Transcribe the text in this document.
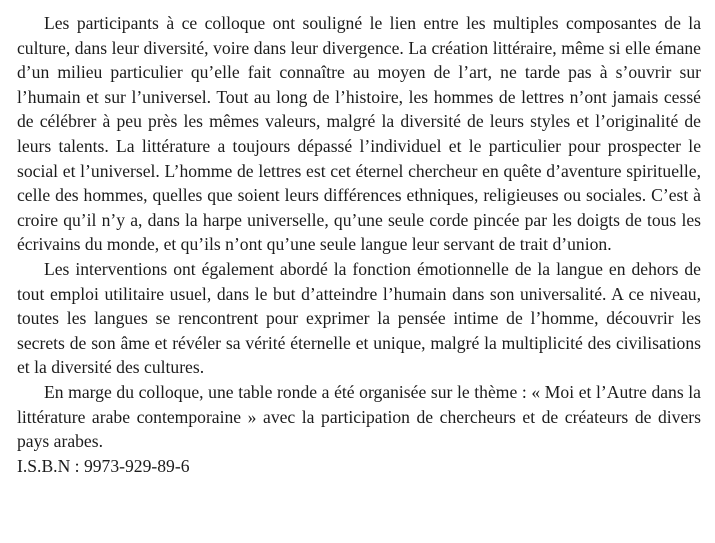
Les participants à ce colloque ont souligné le lien entre les multiples composantes de la culture, dans leur diversité, voire dans leur divergence. La création littéraire, même si elle émane d’un milieu particulier qu’elle fait connaître au moyen de l’art, ne tarde pas à s’ouvrir sur l’humain et sur l’universel. Tout au long de l’histoire, les hommes de lettres n’ont jamais cessé de célébrer à peu près les mêmes valeurs, malgré la diversité de leurs styles et l’originalité de leurs talents. La littérature a toujours dépassé l’individuel et le particulier pour prospecter le social et l’universel. L’homme de lettres est cet éternel chercheur en quête d’aventure spirituelle, celle des hommes, quelles que soient leurs différences ethniques, religieuses ou sociales. C’est à croire qu’il n’y a, dans la harpe universelle, qu’une seule corde pincée par les doigts de tous les écrivains du monde, et qu’ils n’ont qu’une seule langue leur servant de trait d’union.

Les interventions ont également abordé la fonction émotionnelle de la langue en dehors de tout emploi utilitaire usuel, dans le but d’atteindre l’humain dans son universalité. A ce niveau, toutes les langues se rencontrent pour exprimer la pensée intime de l’homme, découvrir les secrets de son âme et révéler sa vérité éternelle et unique, malgré la multiplicité des civilisations et la diversité des cultures.

En marge du colloque, une table ronde a été organisée sur le thème : « Moi et l’Autre dans la littérature arabe contemporaine » avec la participation de chercheurs et de créateurs de divers pays arabes.

I.S.B.N : 9973-929-89-6
